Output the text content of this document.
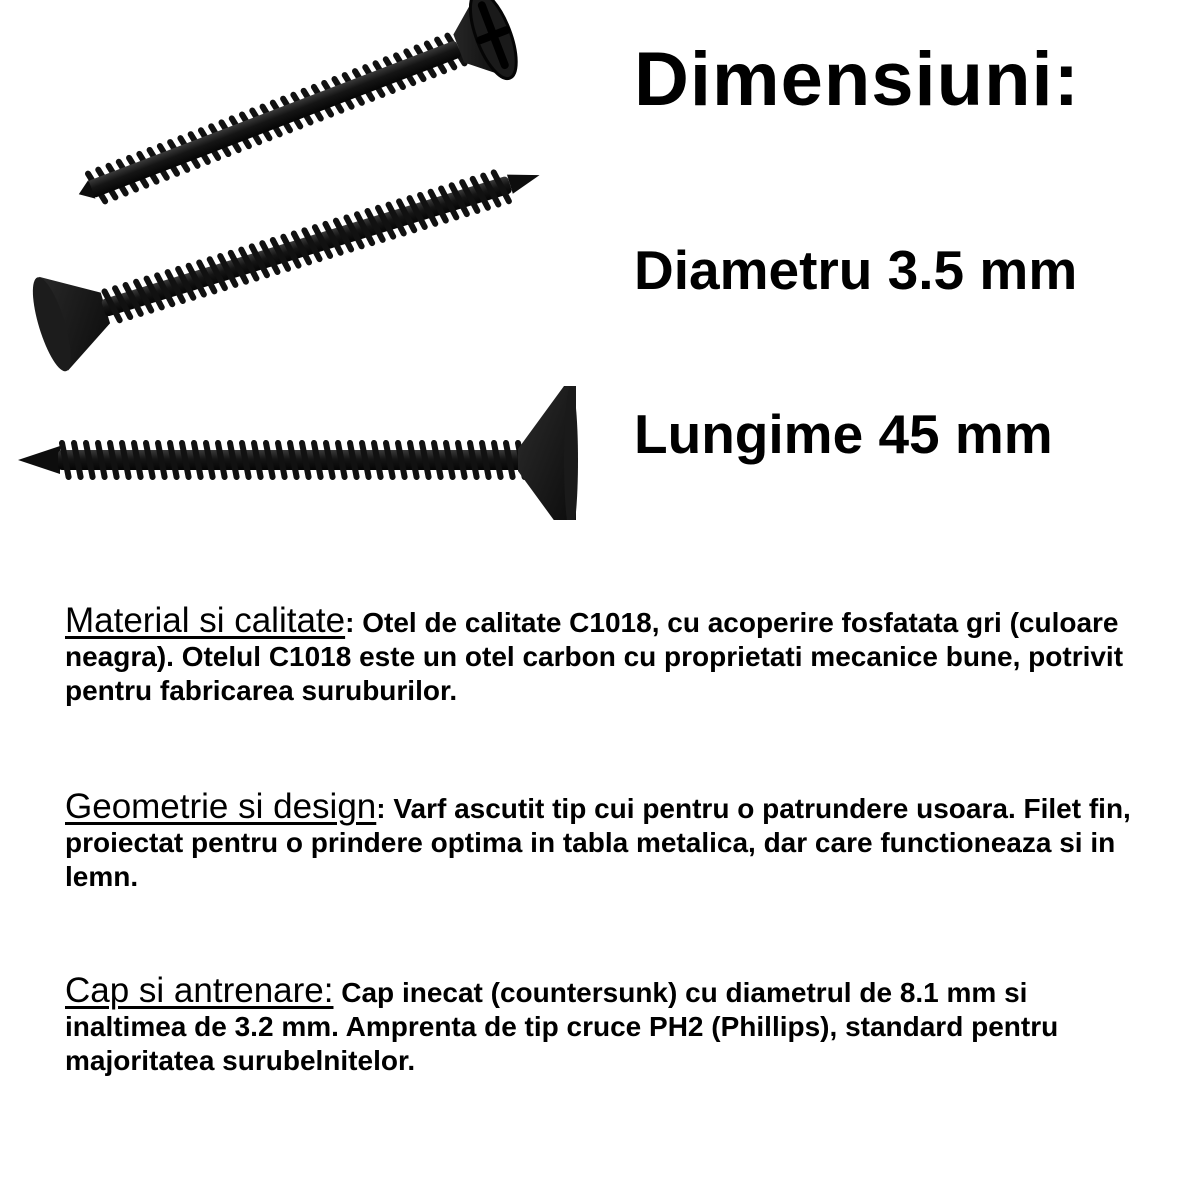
Dimensiuni:
Diametru 3.5 mm
Lungime 45 mm
Material si calitate: Otel de calitate C1018, cu acoperire fosfatata gri (culoare neagra). Otelul C1018 este un otel carbon cu proprietati mecanice bune, potrivit pentru fabricarea suruburilor.
Geometrie si design: Varf ascutit tip cui pentru o patrundere usoara. Filet fin, proiectat pentru o prindere optima in tabla metalica, dar care functioneaza si in lemn.
Cap si antrenare: Cap inecat (countersunk) cu diametrul de 8.1 mm si inaltimea de 3.2 mm. Amprenta de tip cruce PH2 (Phillips), standard pentru majoritatea surubelnitelor.
